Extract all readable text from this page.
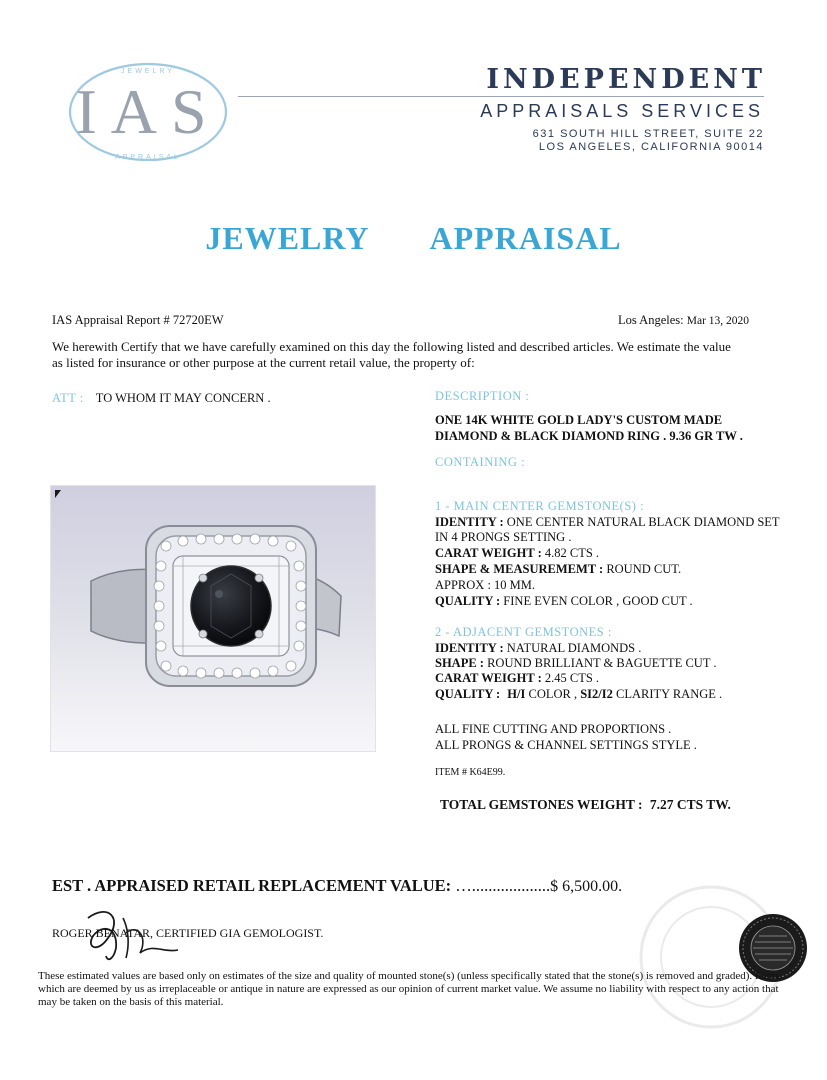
IAS
JEWELRY
APPRAISAL
INDEPENDENT
APPRAISALS SERVICES
631 SOUTH HILL STREET, SUITE 22
LOS ANGELES, CALIFORNIA 90014
JEWELRY   APPRAISAL
IAS Appraisal Report # 72720EW	Los Angeles: Mar 13, 2020
We herewith Certify that we have carefully examined on this day the following listed and described articles. We estimate the value
as listed for insurance or other purpose at the current retail value, the property of:
ATT : TO WHOM IT MAY CONCERN .	DESCRIPTION :
ONE 14K WHITE GOLD LADY'S CUSTOM MADE
DIAMOND & BLACK DIAMOND RING . 9.36 GR TW .
CONTAINING :
1 - MAIN CENTER GEMSTONE(S) :
IDENTITY : ONE CENTER NATURAL BLACK DIAMOND SET
IN 4 PRONGS SETTING .
CARAT WEIGHT : 4.82 CTS .
SHAPE & MEASUREMEMT : ROUND CUT.
APPROX : 10 MM.
QUALITY : FINE EVEN COLOR , GOOD CUT .
2 - ADJACENT GEMSTONES :
IDENTITY : NATURAL DIAMONDS .
SHAPE : ROUND BRILLIANT & BAGUETTE CUT .
CARAT WEIGHT : 2.45 CTS .
QUALITY : H/I COLOR , SI2/I2 CLARITY RANGE .
ALL FINE CUTTING AND PROPORTIONS .
ALL PRONGS & CHANNEL SETTINGS STYLE .
ITEM # K64E99.
TOTAL GEMSTONES WEIGHT : 7.27 CTS TW.
EST . APPRAISED RETAIL REPLACEMENT VALUE: …...................$ 6,500.00.
ROGER BENATAR, CERTIFIED GIA GEMOLOGIST.
These estimated values are based only on estimates of the size and quality of mounted stone(s) (unless specifically stated that the stone(s) is removed and graded). Items which are deemed by us as irreplaceable or antique in nature are expressed as our opinion of current market value. We assume no liability with respect to any action that may be taken on the basis of this material.
